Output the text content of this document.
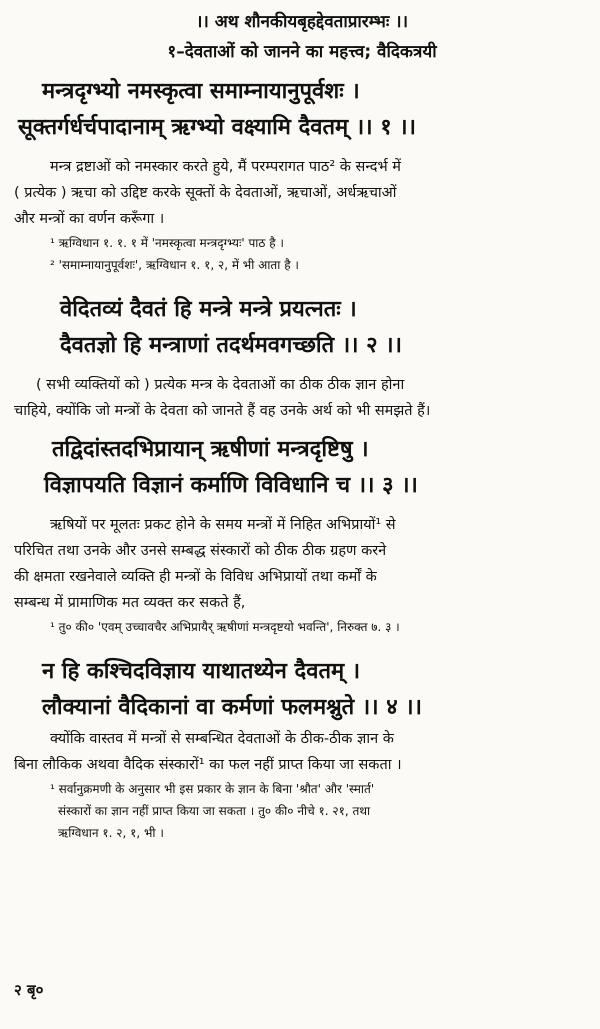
।। अथ शौनकीयबृहद्देवताप्रारम्भः ।।
१–देवताओं को जानने का महत्त्व; वैदिकत्रयी
मन्त्रदृग्भ्यो नमस्कृत्वा समाम्नायानुपूर्वशः ।
सूक्तर्गर्धर्चपादानाम् ऋग्भ्यो वक्ष्यामि दैवतम् ।। १ ।।
मन्त्र द्रष्टाओं को नमस्कार करते हुये, मैं परम्परागत पाठ² के सन्दर्भ में
( प्रत्येक ) ऋचा को उद्दिष्ट करके सूक्तों के देवताओं, ऋचाओं, अर्धऋचाओं
और मन्त्रों का वर्णन करूँगा ।
¹ ऋग्विधान १. १. १ में 'नमस्कृत्वा मन्त्रदृग्भ्यः' पाठ है ।
² 'समाम्नायानुपूर्वशः', ऋग्विधान १. १, २, में भी आता है ।
वेदितव्यं दैवतं हि मन्त्रे मन्त्रे प्रयत्नतः ।
दैवतज्ञो हि मन्त्राणां तदर्थमवगच्छति ।। २ ।।
( सभी व्यक्तियों को ) प्रत्येक मन्त्र के देवताओं का ठीक ठीक ज्ञान होना
चाहिये, क्योंकि जो मन्त्रों के देवता को जानते हैं वह उनके अर्थ को भी समझते हैं।
तद्विदांस्तदभिप्रायान् ऋषीणां मन्त्रदृष्टिषु ।
विज्ञापयति विज्ञानं कर्माणि विविधानि च ।। ३ ।।
ऋषियों पर मूलतः प्रकट होने के समय मन्त्रों में निहित अभिप्रायों¹ से
परिचित तथा उनके और उनसे सम्बद्ध संस्कारों को ठीक ठीक ग्रहण करने
की क्षमता रखनेवाले व्यक्ति ही मन्त्रों के विविध अभिप्रायों तथा कर्मों के
सम्बन्ध में प्रामाणिक मत व्यक्त कर सकते हैं,
¹ तु० की० 'एवम् उच्चावचैर अभिप्रायैर् ऋषीणां मन्त्रदृष्टयो भवन्ति', निरुक्त ७. ३ ।
न हि कश्चिदविज्ञाय याथातथ्येन दैवतम् ।
लौक्यानां वैदिकानां वा कर्मणां फलमश्नुते ।। ४ ।।
क्योंकि वास्तव में मन्त्रों से सम्बन्धित देवताओं के ठीक-ठीक ज्ञान के
बिना लौकिक अथवा वैदिक संस्कारों¹ का फल नहीं प्राप्त किया जा सकता ।
¹ सर्वानुक्रमणी के अनुसार भी इस प्रकार के ज्ञान के बिना 'श्रौत' और 'स्मार्त'
संस्कारों का ज्ञान नहीं प्राप्त किया जा सकता । तु० की० नीचे १. २१, तथा
ऋग्विधान १. २, १, भी ।
२ बृ०
